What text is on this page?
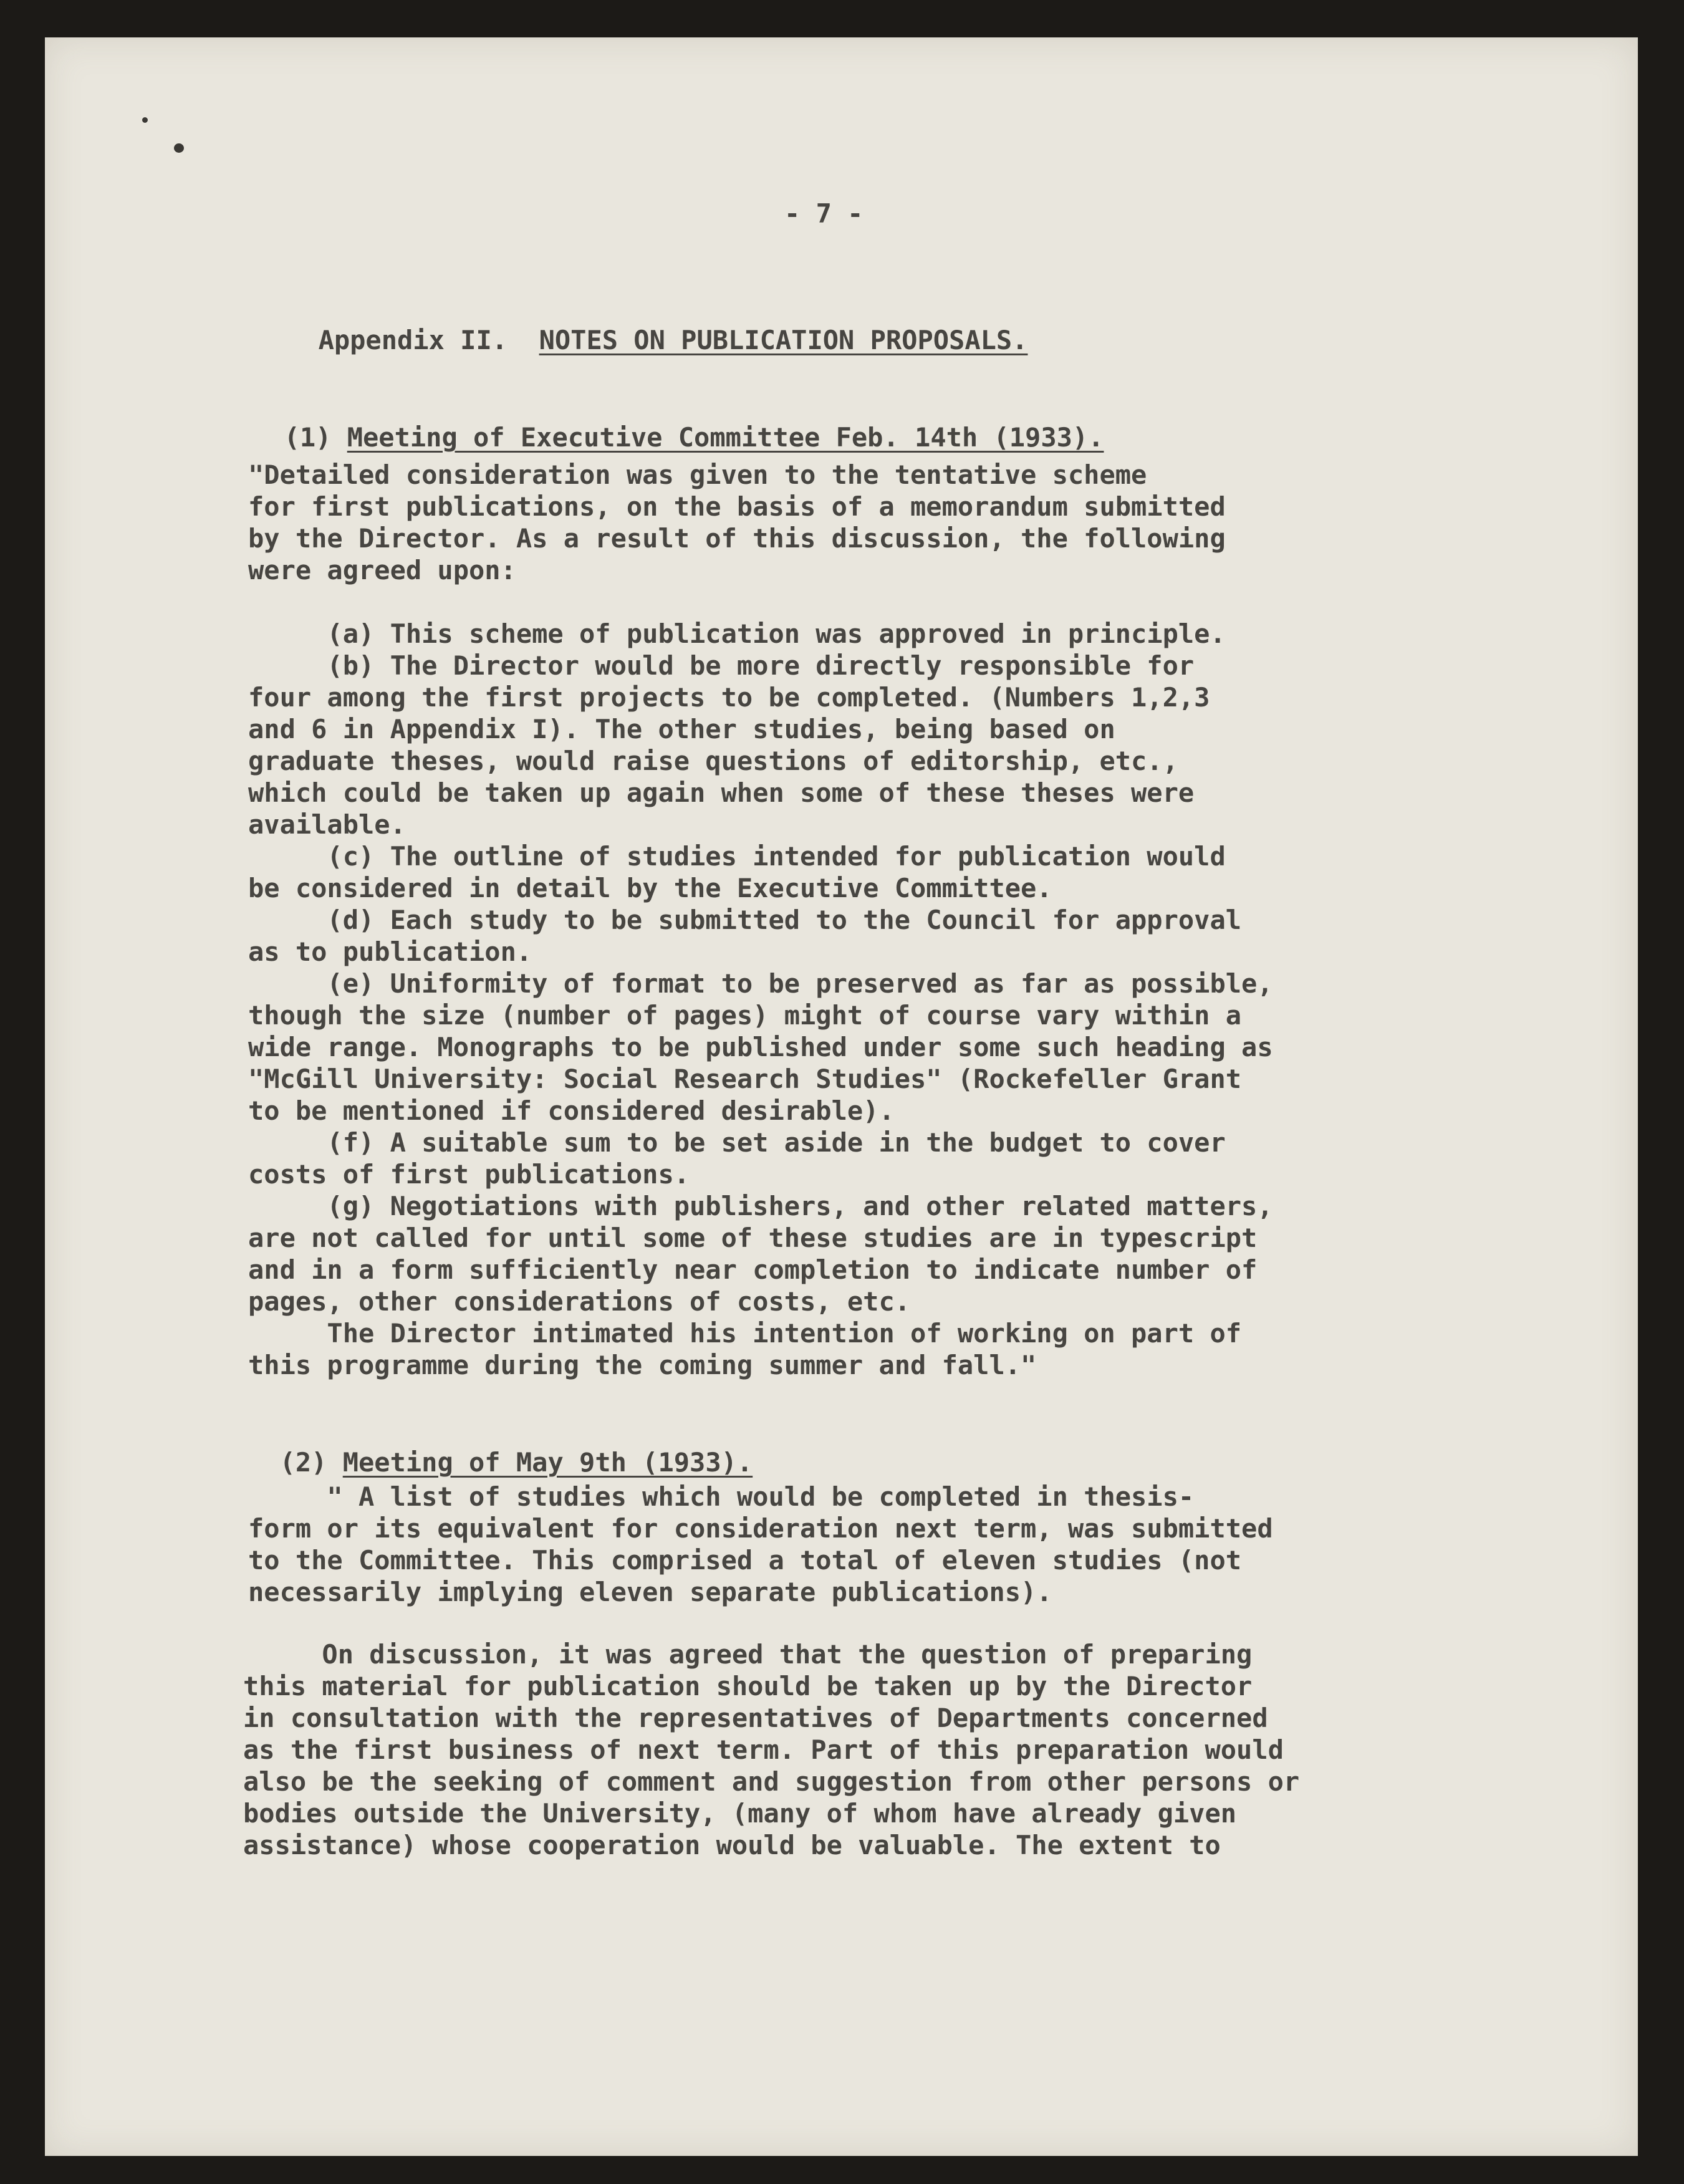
- 7 -

Appendix II. NOTES ON PUBLICATION PROPOSALS.

(1) Meeting of Executive Committee Feb. 14th (1933).

"Detailed consideration was given to the tentative scheme
for first publications, on the basis of a memorandum submitted
by the Director. As a result of this discussion, the following
were agreed upon:

(a) This scheme of publication was approved in principle.
(b) The Director would be more directly responsible for
four among the first projects to be completed. (Numbers 1,2,3
and 6 in Appendix I). The other studies, being based on
graduate theses, would raise questions of editorship, etc.,
which could be taken up again when some of these theses were
available.
(c) The outline of studies intended for publication would
be considered in detail by the Executive Committee.
(d) Each study to be submitted to the Council for approval
as to publication.
(e) Uniformity of format to be preserved as far as possible,
though the size (number of pages) might of course vary within a
wide range. Monographs to be published under some such heading as
"McGill University: Social Research Studies" (Rockefeller Grant
to be mentioned if considered desirable).
(f) A suitable sum to be set aside in the budget to cover
costs of first publications.
(g) Negotiations with publishers, and other related matters,
are not called for until some of these studies are in typescript
and in a form sufficiently near completion to indicate number of
pages, other considerations of costs, etc.
The Director intimated his intention of working on part of
this programme during the coming summer and fall."

(2) Meeting of May 9th (1933).

" A list of studies which would be completed in thesis-
form or its equivalent for consideration next term, was submitted
to the Committee. This comprised a total of eleven studies (not
necessarily implying eleven separate publications).
On discussion, it was agreed that the question of preparing
this material for publication should be taken up by the Director
in consultation with the representatives of Departments concerned
as the first business of next term. Part of this preparation would
also be the seeking of comment and suggestion from other persons or
bodies outside the University, (many of whom have already given
assistance) whose cooperation would be valuable. The extent to
